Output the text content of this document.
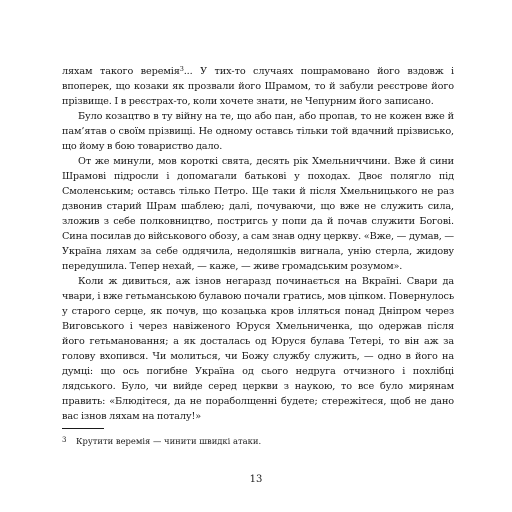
ляхам такого веремія$^3$... У тих-то случаях пошрамовано його вздовж і впоперек, що козаки як прозвали його Шрамом, то й забули реєстрове його прізвище. І в реєстрах-то, коли хочете знати, не Чепурним його записано.

Було козацтво в ту війну на те, що або пан, або пропав, то не кожен вже й пам’ятав о своїм прізвищі. Не одному оставсь тільки той вдачний прізвисько, що йому в бою товариство дало.

От же минули, мов короткі свята, десять рік Хмельниччини. Вже й сини Шрамові підросли і допомагали батькові у походах. Двоє полягло під Смоленським; оставсь тілько Петро. Ще таки й після Хмельницького не раз дзвонив старий Шрам шаблею; далі, почуваючи, що вже не служить сила, зложив з себе полковництво, постригсь у попи да й почав служити Богові. Сина посилав до військового обозу, а сам знав одну церкву. «Вже, — думав, — Україна ляхам за себе оддячила, недоляшків вигнала, унію стерла, жидову передушила. Тепер нехай, — каже, — живе громадським розумом».

Коли ж дивиться, аж ізнов негаразд починається на Вкраїні. Свари да чвари, і вже гетьманською булавою почали гратись, мов ціпком. Повернулось у старого серце, як почув, що козацька кров ілляться понад Дніпром через Виговського і через навіженого Юруся Хмельниченка, що одержав після його гетьмановання; а як досталась од Юруся булава Тетері, то він аж за голову вхопився. Чи молиться, чи Божу службу служить, — одно в його на думці: що ось погибне Україна од сього недруга отчизного і похлібці лядського. Було, чи вийде серед церкви з наукою, то все було мирянам править: «Блюдітеся, да не пораболщенні будете; стережітеся, щоб не дано вас ізнов ляхам на поталу!»

3 Крутити веремія — чинити швидкі атаки.
13
